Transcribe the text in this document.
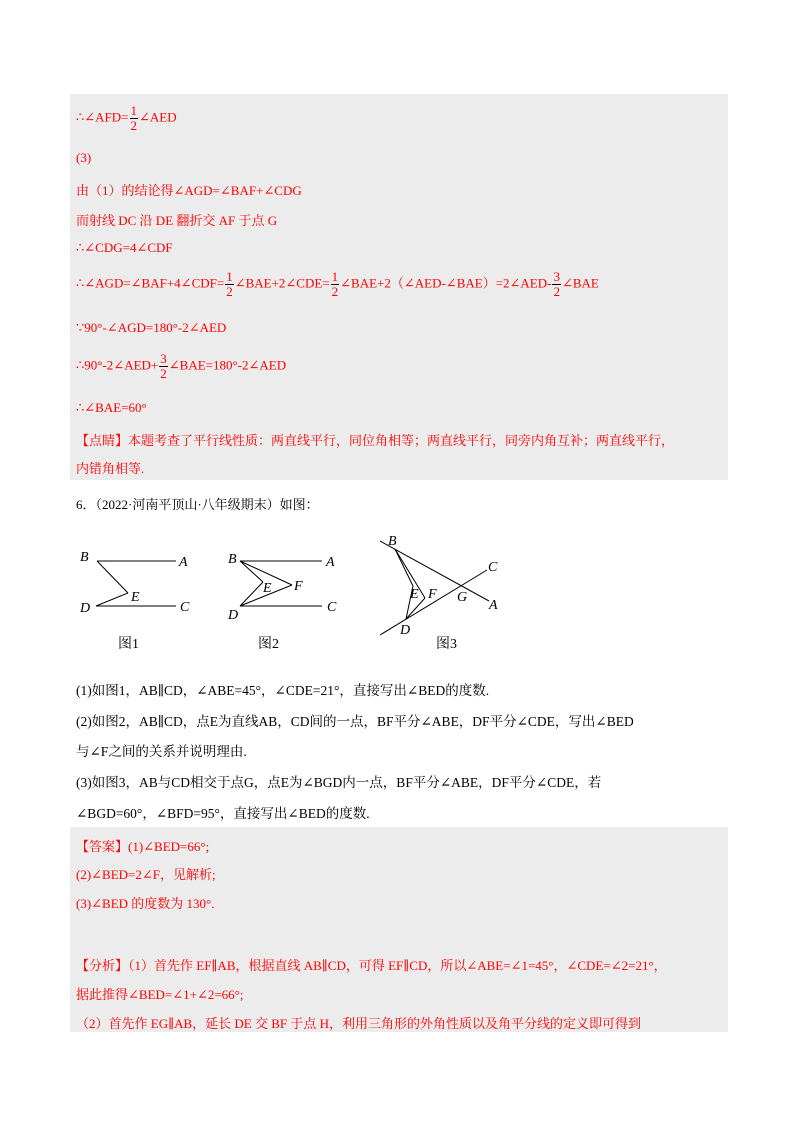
∴∠AFD= $\frac{1}{2}$ ∠AED
(3)
由（1）的结论得∠AGD=∠BAF+∠CDG
而射线 DC 沿 DE 翻折交 AF 于点 G
∴∠CDG=4∠CDF
∴∠AGD=∠BAF+4∠CDF= $\frac{1}{2}$ ∠BAE+2∠CDE= $\frac{1}{2}$ ∠BAE+2（∠AED-∠BAE）=2∠AED- $\frac{3}{2}$ ∠BAE
∵90°-∠AGD=180°-2∠AED
∴90°-2∠AED+ $\frac{3}{2}$ ∠BAE=180°-2∠AED
∴∠BAE=60°
【点睛】本题考查了平行线性质：两直线平行，同位角相等；两直线平行，同旁内角互补；两直线平行，
内错角相等.
6．（2022·河南平顶山·八年级期末）如图：
B	A
E
D	C
图1
B	A
E F
D
C
图2
B
C
E F G
A
D
图3
(1)如图1，AB∥CD，∠ABE=45°，∠CDE=21°，直接写出∠BED的度数.
(2)如图2，AB∥CD，点E为直线AB，CD间的一点，BF平分∠ABE，DF平分∠CDE，写出∠BED
与∠F之间的关系并说明理由.
(3)如图3，AB与CD相交于点G，点E为∠BGD内一点，BF平分∠ABE，DF平分∠CDE，若
∠BGD=60°，∠BFD=95°，直接写出∠BED的度数.
【答案】(1)∠BED=66°;
(2)∠BED=2∠F，见解析;
(3)∠BED 的度数为 130°.
【分析】（1）首先作 EF∥AB，根据直线 AB∥CD，可得 EF∥CD，所以∠ABE=∠1=45°，∠CDE=∠2=21°，
据此推得∠BED=∠1+∠2=66°;
（2）首先作 EG∥AB，延长 DE 交 BF 于点 H，利用三角形的外角性质以及角平分线的定义即可得到
